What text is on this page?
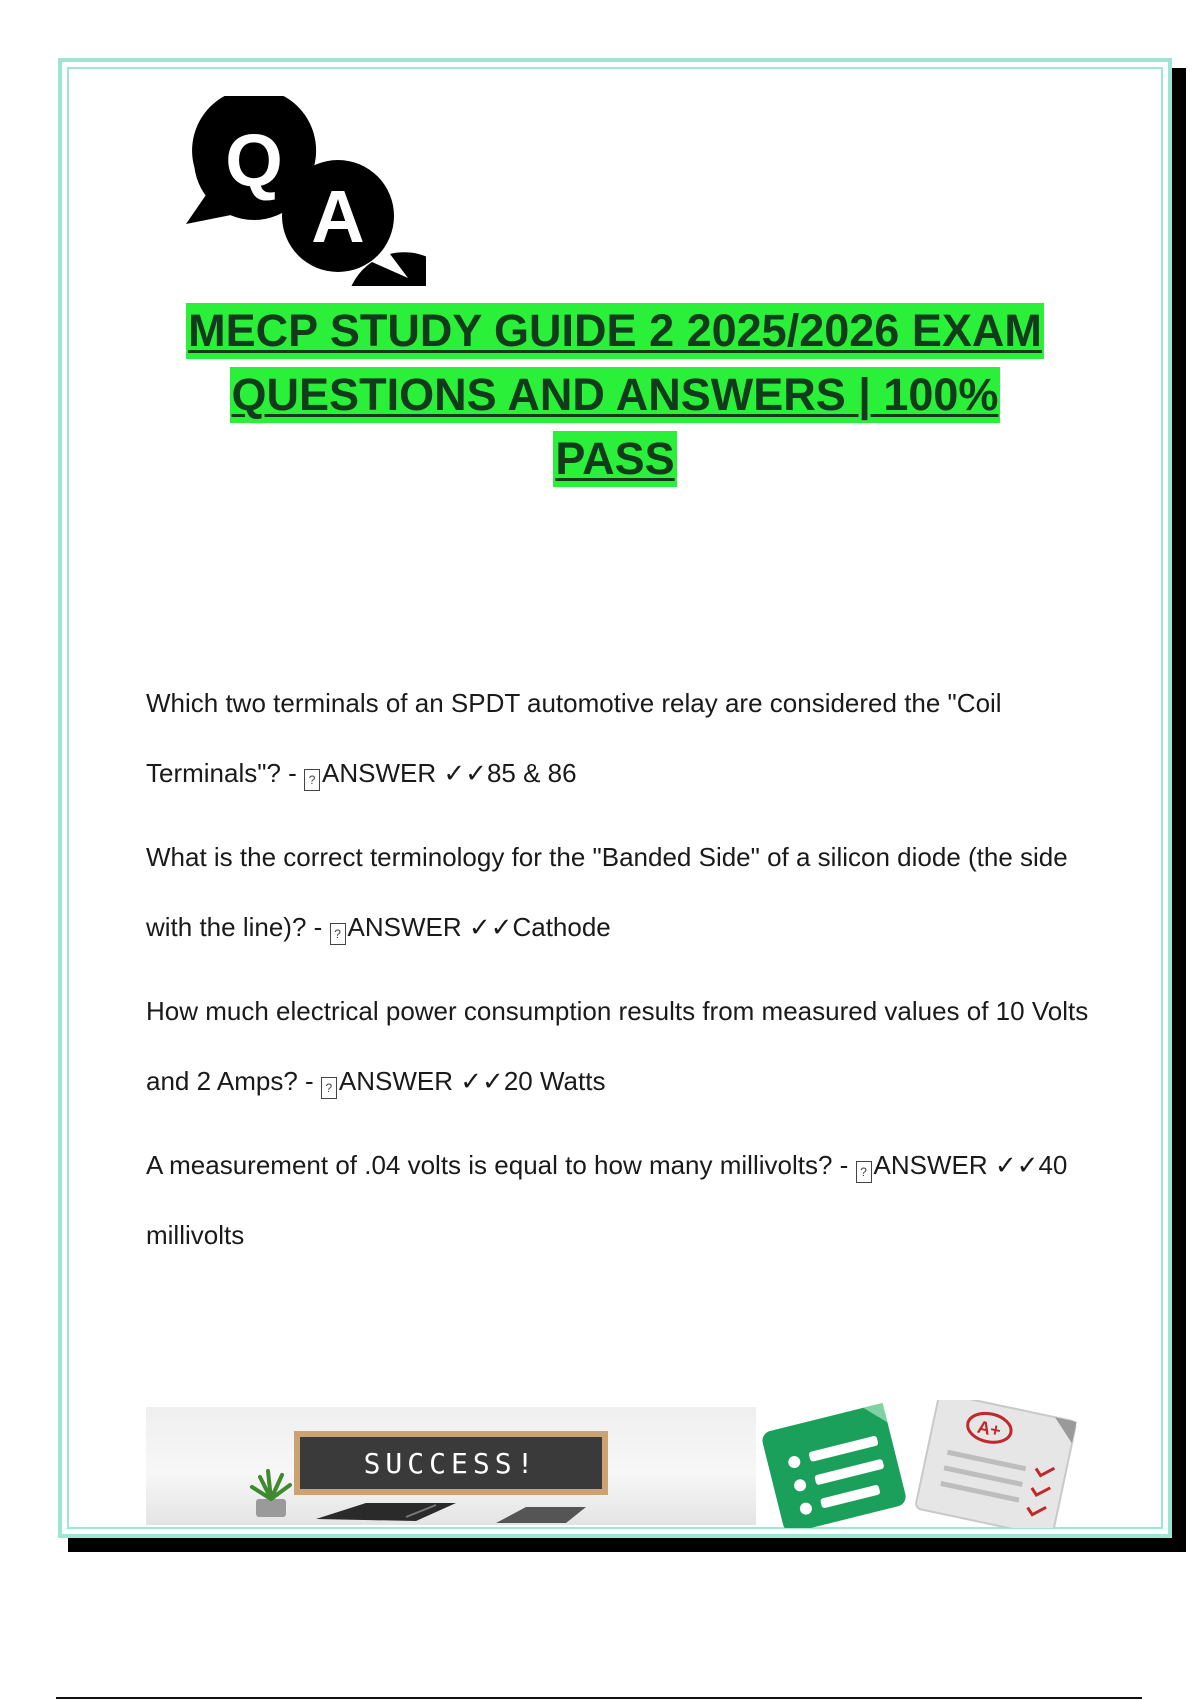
Q
A
MECP STUDY GUIDE 2 2025/2026 EXAM
QUESTIONS AND ANSWERS | 100%
PASS

Which two terminals of an SPDT automotive relay are considered the "Coil Terminals"? - ? ANSWER ✓✓85 & 86

What is the correct terminology for the "Banded Side" of a silicon diode (the side with the line)? - ? ANSWER ✓✓Cathode

How much electrical power consumption results from measured values of 10 Volts and 2 Amps? - ? ANSWER ✓✓20 Watts

A measurement of .04 volts is equal to how many millivolts? - ? ANSWER ✓✓40 millivolts

SUCCESS!
A+
